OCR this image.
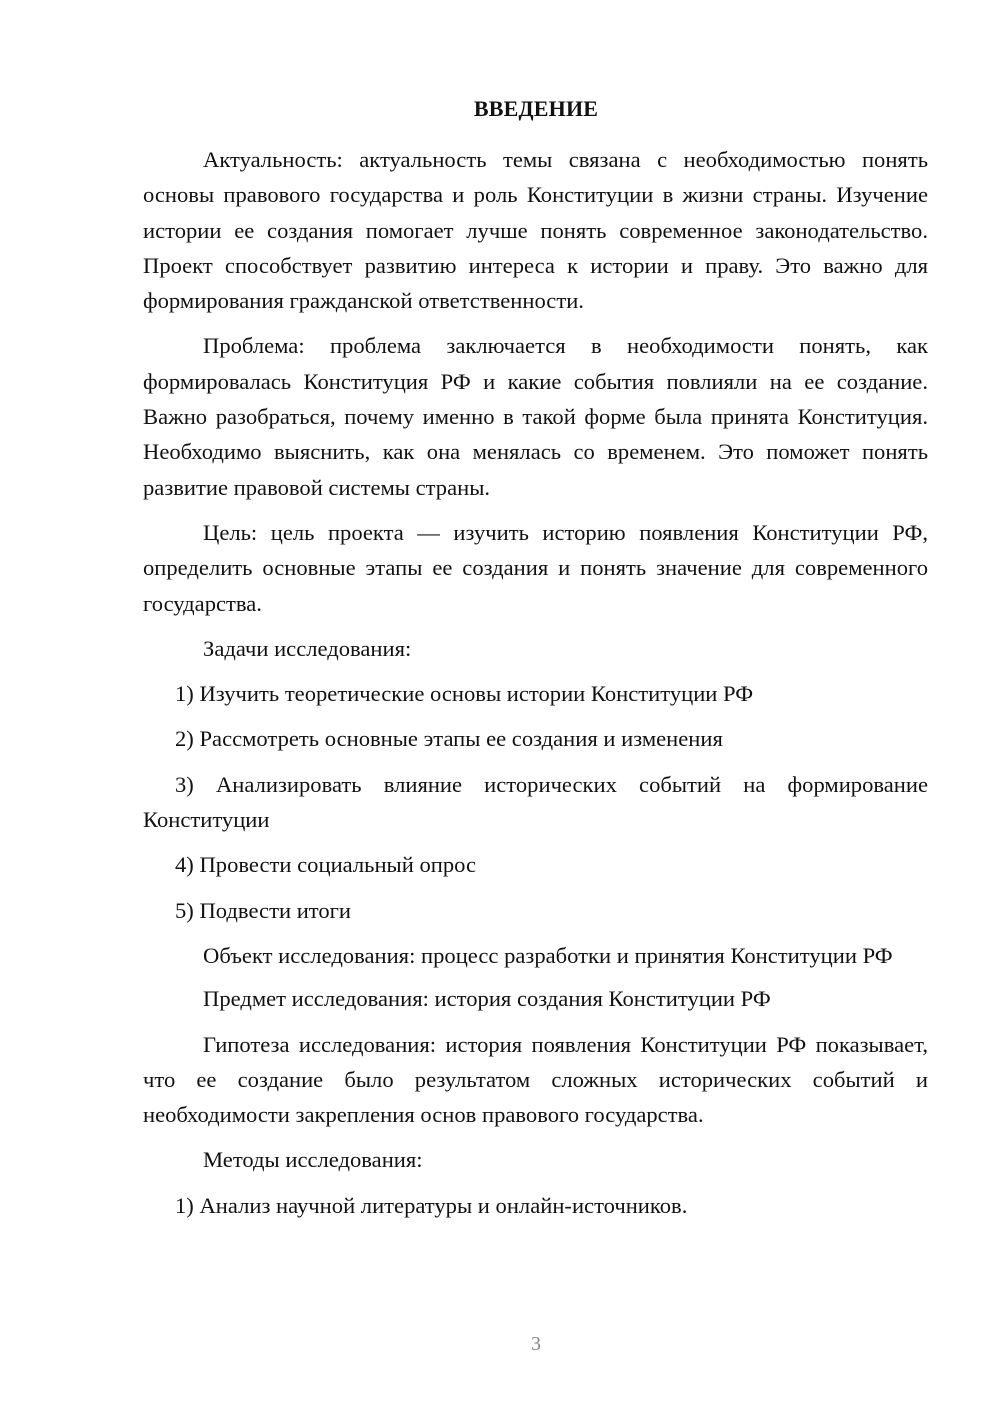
ВВЕДЕНИЕ

Актуальность: актуальность темы связана с необходимостью понять основы правового государства и роль Конституции в жизни страны. Изучение истории ее создания помогает лучше понять современное законодательство. Проект способствует развитию интереса к истории и праву. Это важно для формирования гражданской ответственности.

Проблема: проблема заключается в необходимости понять, как формировалась Конституция РФ и какие события повлияли на ее создание. Важно разобраться, почему именно в такой форме была принята Конституция. Необходимо выяснить, как она менялась со временем. Это поможет понять развитие правовой системы страны.

Цель: цель проекта — изучить историю появления Конституции РФ, определить основные этапы ее создания и понять значение для современного государства.

Задачи исследования:

1) Изучить теоретические основы истории Конституции РФ

2) Рассмотреть основные этапы ее создания и изменения

3) Анализировать влияние исторических событий на формирование Конституции

4) Провести социальный опрос

5) Подвести итоги

Объект исследования: процесс разработки и принятия Конституции РФ

Предмет исследования: история создания Конституции РФ

Гипотеза исследования: история появления Конституции РФ показывает, что ее создание было результатом сложных исторических событий и необходимости закрепления основ правового государства.

Методы исследования:

1) Анализ научной литературы и онлайн-источников.

3
